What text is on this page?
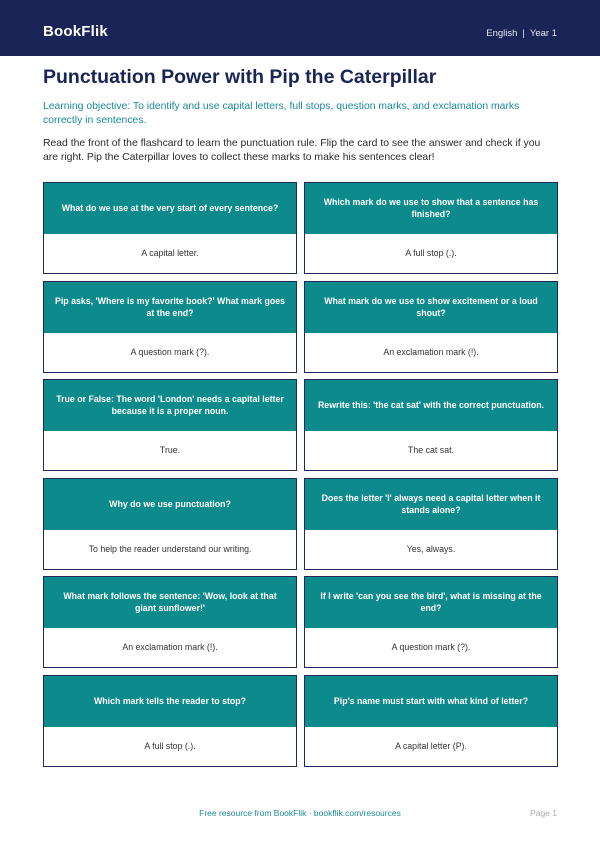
BookFlik	English | Year 1
Punctuation Power with Pip the Caterpillar

Learning objective: To identify and use capital letters, full stops, question marks, and exclamation marks correctly in sentences.

Read the front of the flashcard to learn the punctuation rule. Flip the card to see the answer and check if you are right. Pip the Caterpillar loves to collect these marks to make his sentences clear!

What do we use at the very start of every sentence?
A capital letter.
Which mark do we use to show that a sentence has finished?
A full stop (.).
Pip asks, 'Where is my favorite book?' What mark goes at the end?
A question mark (?).
What mark do we use to show excitement or a loud shout?
An exclamation mark (!).
True or False: The word 'London' needs a capital letter because it is a proper noun.
True.
Rewrite this: 'the cat sat' with the correct punctuation.
The cat sat.
Why do we use punctuation?
To help the reader understand our writing.
Does the letter 'I' always need a capital letter when it stands alone?
Yes, always.
What mark follows the sentence: 'Wow, look at that giant sunflower!'
An exclamation mark (!).
If I write 'can you see the bird', what is missing at the end?
A question mark (?).
Which mark tells the reader to stop?
A full stop (.).
Pip's name must start with what kind of letter?
A capital letter (P).
Free resource from BookFlik · bookflik.com/resources	Page 1
